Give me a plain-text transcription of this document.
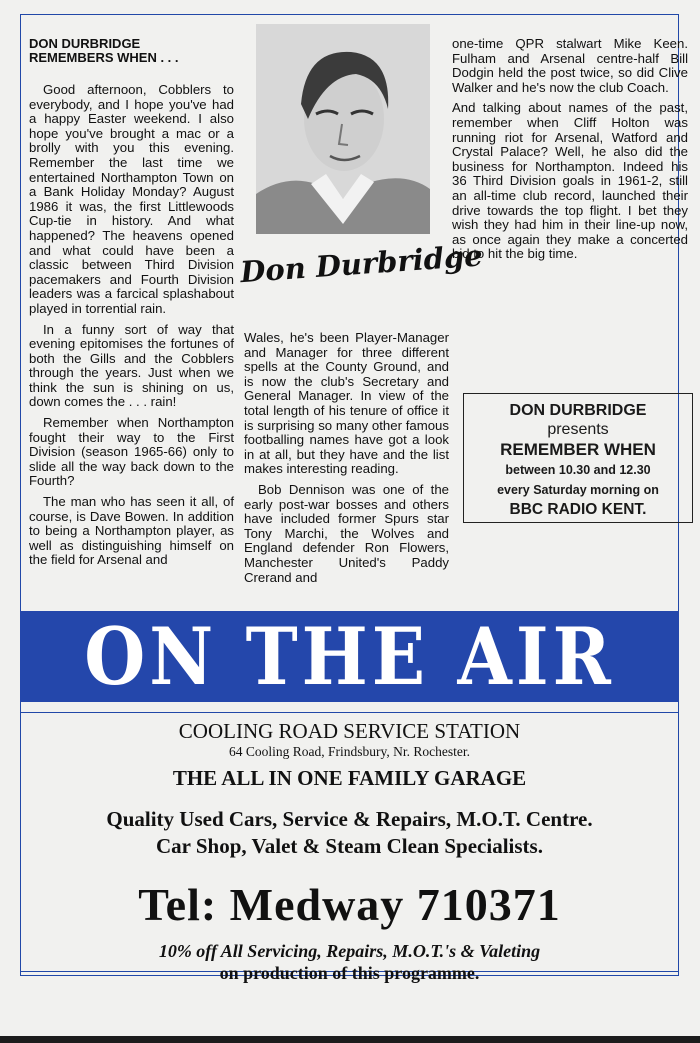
DON DURBRIDGE
REMEMBERS WHEN . . .

Good afternoon, Cobblers to everybody, and I hope you've had a happy Easter weekend. I also hope you've brought a mac or a brolly with you this evening. Remember the last time we entertained Northampton Town on a Bank Holiday Monday? August 1986 it was, the first Littlewoods Cup-tie in history. And what happened? The heavens opened and what could have been a classic between Third Division pacemakers and Fourth Division leaders was a farcical splashabout played in torrential rain.

In a funny sort of way that evening epitomises the fortunes of both the Gills and the Cobblers through the years. Just when we think the sun is shining on us, down comes the . . . rain!

Remember when Northampton fought their way to the First Division (season 1965-66) only to slide all the way back down to the Fourth?

The man who has seen it all, of course, is Dave Bowen. In addition to being a Northampton player, as well as distinguishing himself on the field for Arsenal and

Don Durbridge

Wales, he's been Player-Manager and Manager for three different spells at the County Ground, and is now the club's Secretary and General Manager. In view of the total length of his tenure of office it is surprising so many other famous footballing names have got a look in at all, but they have and the list makes interesting reading.

Bob Dennison was one of the early post-war bosses and others have included former Spurs star Tony Marchi, the Wolves and England defender Ron Flowers, Manchester United's Paddy Crerand and

one-time QPR stalwart Mike Keen. Fulham and Arsenal centre-half Bill Dodgin held the post twice, so did Clive Walker and he's now the club Coach.

And talking about names of the past, remember when Cliff Holton was running riot for Arsenal, Watford and Crystal Palace? Well, he also did the business for Northampton. Indeed his 36 Third Division goals in 1961-2, still an all-time club record, launched their drive towards the top flight. I bet they wish they had him in their line-up now, as once again they make a concerted bid to hit the big time.

DON DURBRIDGE
presents
REMEMBER WHEN
between 10.30 and 12.30
every Saturday morning on
BBC RADIO KENT.
ON THE AIR
COOLING ROAD SERVICE STATION
64 Cooling Road, Frindsbury, Nr. Rochester.
THE ALL IN ONE FAMILY GARAGE
Quality Used Cars, Service & Repairs, M.O.T. Centre.
Car Shop, Valet & Steam Clean Specialists.
Tel: Medway 710371
10% off All Servicing, Repairs, M.O.T.'s & Valeting
on production of this programme.
